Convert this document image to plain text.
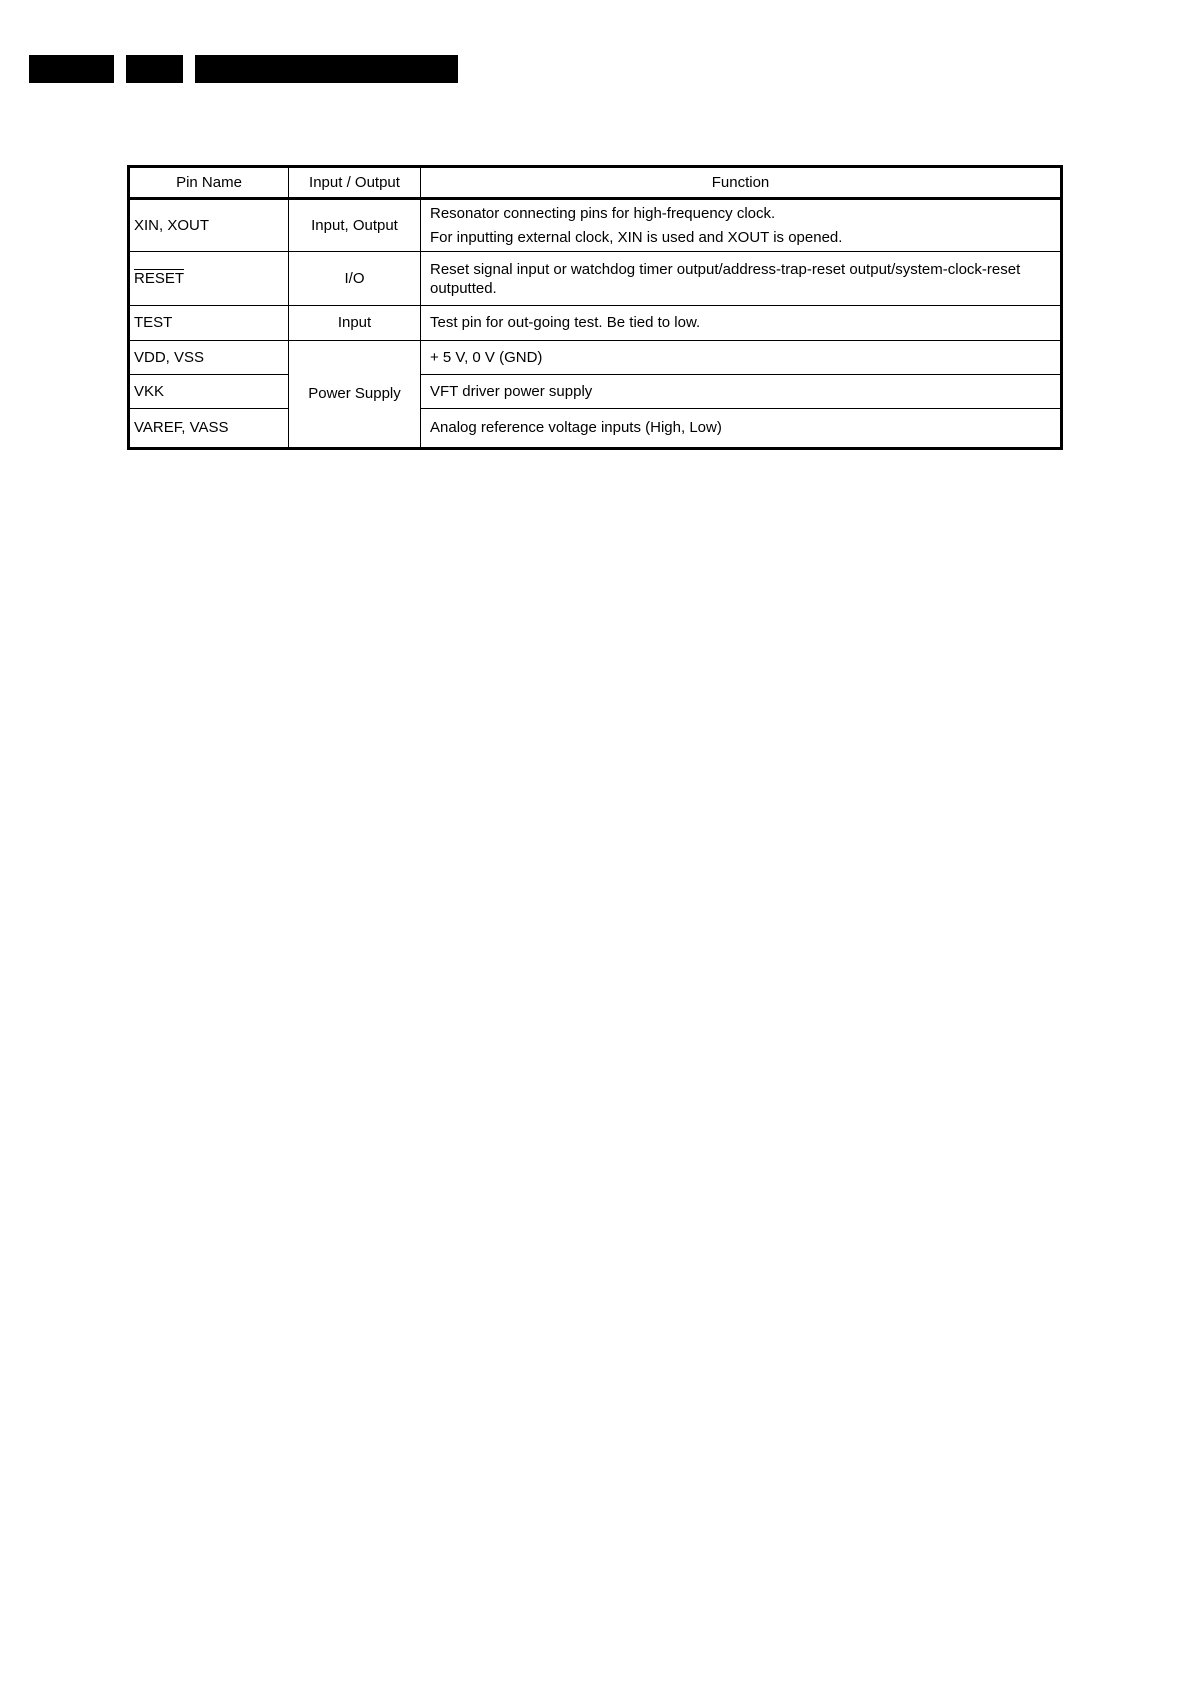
Pin Name	Input / Output	Function
XIN, XOUT	Input, Output	Resonator connecting pins for high-frequency clock.
For inputting external clock, XIN is used and XOUT is opened.

RESET	I/O	Reset signal input or watchdog timer output/address-trap-reset output/system-clock-reset outputted.

TEST	Input	Test pin for out-going test. Be tied to low.
VDD, VSS	Power Supply	+ 5 V, 0 V (GND)
VKK		VFT driver power supply
VAREF, VASS		Analog reference voltage inputs (High, Low)
